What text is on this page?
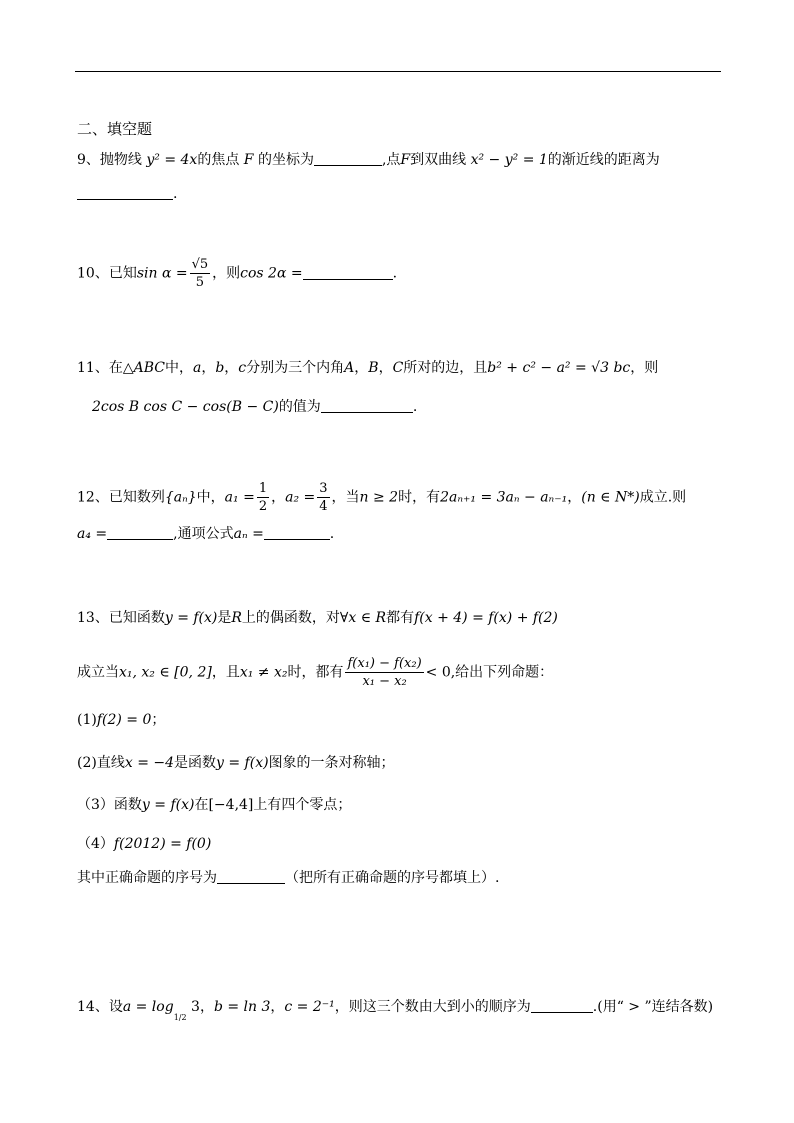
二、填空题
9、抛物线 y² = 4x的焦点 F 的坐标为	,点F到双曲线 x² − y² = 1的渐近线的距离为
.
10、已知$\sin \alpha = \frac{√5}{5}$ ，则cos 2α =	.
11、在△ABC中，a，b，c分别为三个内角A，B，C所对的边，且b² + c² − a² = √3 bc，则
2cos B cos C − cos(B − C)的值为	.
12、已知数列{aₙ}中，$a_1 = \frac{1}{2}$ ，$a_2 = \frac{3}{4}$ ，当n ≥ 2时，有2aₙ₊₁ = 3aₙ − aₙ₋₁，(n ∈ N*)成立.则
a₄ =	,通项公式aₙ =	.
13、已知函数y = f(x)是R上的偶函数，对∀x ∈ R都有f(x + 4) = f(x) + f(2)
成立当x₁, x₂ ∈ [0, 2]，且x₁ ≠ x₂时，都有 $\frac{\text{f(x₁) − f(x₂)}}{\text{x₁ − x₂}} < 0$,给出下列命题：
(1)f(2) = 0；
(2)直线x = −4是函数y = f(x)图象的一条对称轴；
（3）函数y = f(x)在[−4,4]上有四个零点；
（4）f(2012) = f(0)
其中正确命题的序号为	（把所有正确命题的序号都填上）.
14、设$a = \log_{1/2} 3$，b = ln 3，c = 2⁻¹，则这三个数由大到小的顺序为	.(用“ > ”连结各数)
